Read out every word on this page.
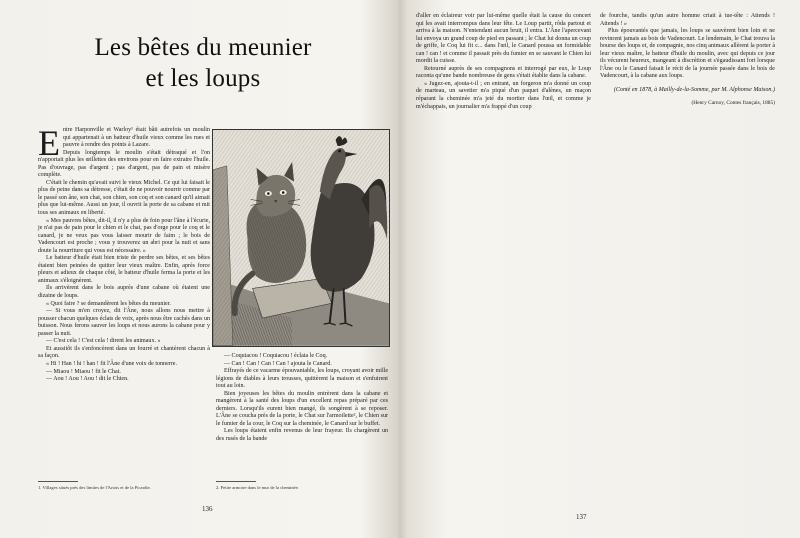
Les bêtes du meunier
et les loups

Entre Harponville et Warloy¹ était bâti autrefois un moulin qui appartenait à un batteur d'huile vieux comme les rues et pauvre à rendre des points à Lazare.

Depuis longtemps le moulin s'était détraqué et l'on n'apportait plus les œillettes des environs pour en faire extraire l'huile. Pas d'ouvrage, pas d'argent ; pas d'argent, pas de pain et misère complète.

C'était le chemin qu'avait suivi le vieux Michel. Ce qui lui faisait le plus de peine dans sa détresse, c'était de ne pouvoir nourrir comme par le passé son âne, son chat, son chien, son coq et son canard qu'il aimait plus que lui-même. Aussi un jour, il ouvrit la porte de sa cabane et mit tous ses animaux en liberté.

« Mes pauvres bêtes, dit-il, il n'y a plus de foin pour l'âne à l'écurie, je n'ai pas de pain pour le chien et le chat, pas d'orge pour le coq et le canard, je ne veux pas vous laisser mourir de faim ; le bois de Vadencourt est proche ; vous y trouverez un abri pour la nuit et sans doute la nourriture qui vous est nécessaire. »

Le batteur d'huile était bien triste de perdre ses bêtes, et ses bêtes étaient bien peinées de quitter leur vieux maître. Enfin, après force pleurs et adieux de chaque côté, le batteur d'huile ferma la porte et les animaux s'éloignèrent.

Ils arrivèrent dans le bois auprès d'une cabane où étaient une dizaine de loups.

« Quoi faire ? se demandèrent les bêtes du meunier.

— Si vous m'en croyez, dit l'Âne, nous allons nous mettre à pousser chacun quelques éclats de voix, après nous être cachés dans un buisson. Nous ferons sauver les loups et nous aurons la cabane pour y passer la nuit.

— C'est cela ! C'est cela ! dirent les animaux. »

Et aussitôt ils s'enfoncèrent dans un fourré et chantèrent chacun à sa façon.

« Hi ! Han ! hi ! han ! fit l'Âne d'une voix de tonnerre.

— Miaou ! Miaou ! fit le Chat.

— Aou ! Aou ! Aou ! dit le Chien.

— Coquiacou ! Coquiacou ! éclata le Coq.

— Can ! Can ! Can ! Can ! ajouta le Canard.

Effrayés de ce vacarme épouvantable, les loups, croyant avoir mille légions de diables à leurs trousses, quittèrent la maison et s'enfuirent tout au loin.

Bien joyeuses les bêtes du moulin entrèrent dans la cabane et mangèrent à la santé des loups d'un excellent repas préparé par ces derniers. Lorsqu'ils eurent bien mangé, ils songèrent à se reposer. L'Âne se coucha près de la porte, le Chat sur l'armoilette², le Chien sur le fumier de la cour, le Coq sur la cheminée, le Canard sur le buffet.

Les loups étaient enfin revenus de leur frayeur. Ils chargèrent un des rusés de la bande

1. Villages situés près des limites de l'Artois et de la Picardie.	2. Petite armoire dans le mur de la cheminée.
136

d'aller en éclaireur voir par lui-même quelle était la cause du concert qui les avait interrompus dans leur fête. Le Loup partit, rôda partout et arriva à la maison. N'entendant aucun bruit, il entra. L'Âne l'apercevant lui envoya un grand coup de pied en passant ; le Chat lui donna un coup de griffe, le Coq lui fit c... dans l'œil, le Canard poussa un formidable can ! can ! et comme il passait près du fumier en se sauvant le Chien lui mordit la cuisse.

Retourné auprès de ses compagnons et interrogé par eux, le Loup raconta qu'une bande nombreuse de gens s'était établie dans la cabane.

« Jugez-en, ajouta-t-il ; en entrant, un forgeron m'a donné un coup de marteau, un savetier m'a piqué d'un paquet d'alènes, un maçon réparant la cheminée m'a jeté du mortier dans l'œil, et comme je m'échappais, un journalier m'a frappé d'un coup

de fourche, tandis qu'un autre homme criait à tue-tête : Attends ! Attends ! »

Plus épouvantés que jamais, les loups se sauvèrent bien loin et ne revinrent jamais au bois de Vadencourt. Le lendemain, le Chat trouva la bourse des loups et, de compagnie, nos cinq animaux allèrent la porter à leur vieux maître, le batteur d'huile du moulin, avec qui depuis ce jour ils vécurent heureux, mangeant à discrétion et s'égaudissant fort lorsque l'Âne ou le Canard faisait le récit de la journée passée dans le bois de Vadencourt, à la cabane aux loups.

(Conté en 1878, à Mailly-de-la-Somme, par M. Alphonse Maison.)

(Henry Carnoy, Contes français, 1885)

137
